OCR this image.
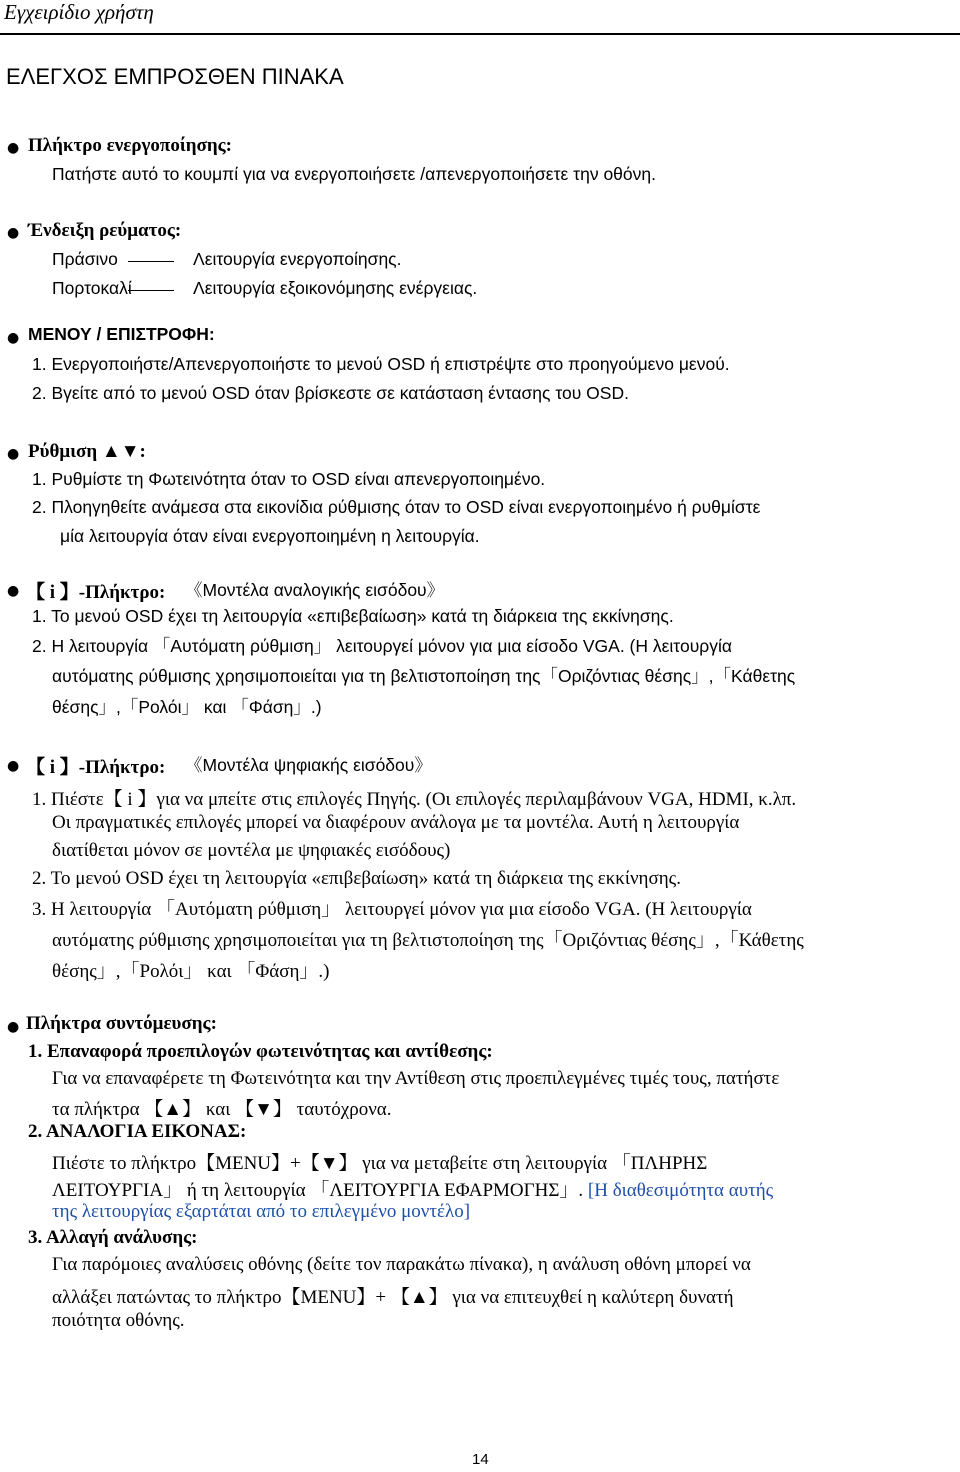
Εγχειρίδιο χρήστη
ΕΛΕΓΧΟΣ ΕΜΠΡΟΣΘΕΝ ΠΙΝΑΚΑ
● Πλήκτρο ενεργοποίησης:
Πατήστε αυτό το κουμπί για να ενεργοποιήσετε /απενεργοποιήσετε την οθόνη.
● Ένδειξη ρεύματος:
Πράσινο	Λειτουργία ενεργοποίησης.
Πορτοκαλί	Λειτουργία εξοικονόμησης ενέργειας.
● ΜΕΝΟΥ / ΕΠΙΣΤΡΟΦΗ:
1. Ενεργοποιήστε/Απενεργοποιήστε το μενού OSD ή επιστρέψτε στο προηγούμενο μενού.
2. Βγείτε από το μενού OSD όταν βρίσκεστε σε κατάσταση έντασης του OSD.
● Ρύθμιση ▲▼:
1. Ρυθμίστε τη Φωτεινότητα όταν το OSD είναι απενεργοποιημένο.
2. Πλοηγηθείτε ανάμεσα στα εικονίδια ρύθμισης όταν το OSD είναι ενεργοποιημένο ή ρυθμίστε
μία λειτουργία όταν είναι ενεργοποιημένη η λειτουργία.
● 【 i 】-Πλήκτρο: 《Μοντέλα αναλογικής εισόδου》
1. Το μενού OSD έχει τη λειτουργία «επιβεβαίωση» κατά τη διάρκεια της εκκίνησης.
2. Η λειτουργία 「Αυτόματη ρύθμιση」 λειτουργεί μόνον για μια είσοδο VGA. (Η λειτουργία
αυτόματης ρύθμισης χρησιμοποιείται για τη βελτιστοποίηση της「Οριζόντιας θέσης」,「Κάθετης
θέσης」,「Ρολόι」 και 「Φάση」.)
● 【 i 】-Πλήκτρο: 《Μοντέλα ψηφιακής εισόδου》
1. Πιέστε【 i 】για να μπείτε στις επιλογές Πηγής. (Οι επιλογές περιλαμβάνουν VGA, HDMI, κ.λπ.
Οι πραγματικές επιλογές μπορεί να διαφέρουν ανάλογα με τα μοντέλα. Αυτή η λειτουργία
διατίθεται μόνον σε μοντέλα με ψηφιακές εισόδους)
2. Το μενού OSD έχει τη λειτουργία «επιβεβαίωση» κατά τη διάρκεια της εκκίνησης.
3. Η λειτουργία 「Αυτόματη ρύθμιση」 λειτουργεί μόνον για μια είσοδο VGA. (Η λειτουργία
αυτόματης ρύθμισης χρησιμοποιείται για τη βελτιστοποίηση της「Οριζόντιας θέσης」,「Κάθετης
θέσης」,「Ρολόι」 και 「Φάση」.)
● Πλήκτρα συντόμευσης:
1. Επαναφορά προεπιλογών φωτεινότητας και αντίθεσης:
Για να επαναφέρετε τη Φωτεινότητα και την Αντίθεση στις προεπιλεγμένες τιμές τους, πατήστε
τα πλήκτρα 【▲】 και 【▼】 ταυτόχρονα.
2. ΑΝΑΛΟΓΙΑ ΕΙΚΟΝΑΣ:
Πιέστε το πλήκτρο【MENU】+【▼】 για να μεταβείτε στη λειτουργία 「ΠΛΗΡΗΣ
ΛΕΙΤΟΥΡΓΙΑ」 ή τη λειτουργία 「ΛΕΙΤΟΥΡΓΙΑ ΕΦΑΡΜΟΓΗΣ」. [Η διαθεσιμότητα αυτής
της λειτουργίας εξαρτάται από το επιλεγμένο μοντέλο]
3. Αλλαγή ανάλυσης:
Για παρόμοιες αναλύσεις οθόνης (δείτε τον παρακάτω πίνακα), η ανάλυση οθόνη μπορεί να
αλλάξει πατώντας το πλήκτρο【MENU】+ 【▲】 για να επιτευχθεί η καλύτερη δυνατή
ποιότητα οθόνης.
14
